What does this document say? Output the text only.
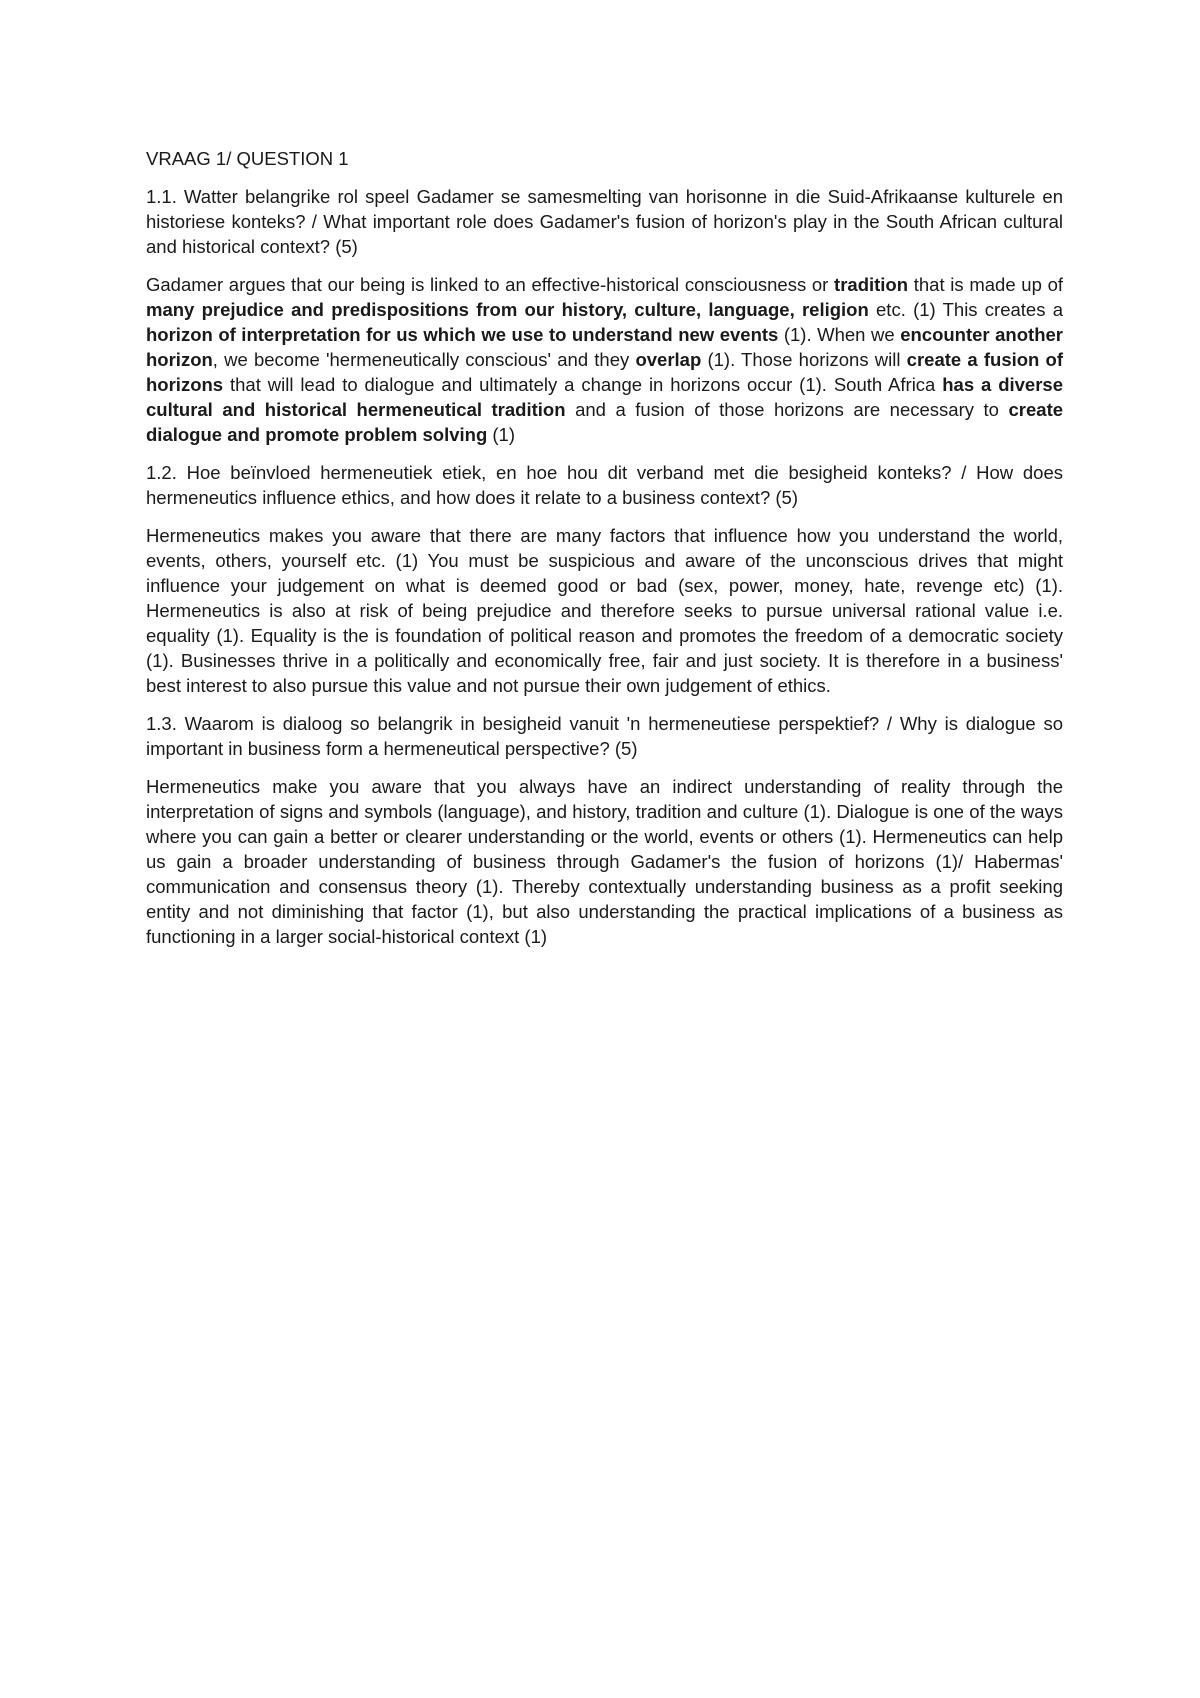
VRAAG 1/ QUESTION 1

1.1. Watter belangrike rol speel Gadamer se samesmelting van horisonne in die Suid-Afrikaanse kulturele en historiese konteks? / What important role does Gadamer's fusion of horizon's play in the South African cultural and historical context? (5)

Gadamer argues that our being is linked to an effective-historical consciousness or tradition that is made up of many prejudice and predispositions from our history, culture, language, religion etc. (1) This creates a horizon of interpretation for us which we use to understand new events (1). When we encounter another horizon, we become 'hermeneutically conscious' and they overlap (1). Those horizons will create a fusion of horizons that will lead to dialogue and ultimately a change in horizons occur (1). South Africa has a diverse cultural and historical hermeneutical tradition and a fusion of those horizons are necessary to create dialogue and promote problem solving (1)

1.2. Hoe beïnvloed hermeneutiek etiek, en hoe hou dit verband met die besigheid konteks? / How does hermeneutics influence ethics, and how does it relate to a business context? (5)

Hermeneutics makes you aware that there are many factors that influence how you understand the world, events, others, yourself etc. (1) You must be suspicious and aware of the unconscious drives that might influence your judgement on what is deemed good or bad (sex, power, money, hate, revenge etc) (1). Hermeneutics is also at risk of being prejudice and therefore seeks to pursue universal rational value i.e. equality (1). Equality is the is foundation of political reason and promotes the freedom of a democratic society (1). Businesses thrive in a politically and economically free, fair and just society. It is therefore in a business' best interest to also pursue this value and not pursue their own judgement of ethics.

1.3. Waarom is dialoog so belangrik in besigheid vanuit 'n hermeneutiese perspektief? / Why is dialogue so important in business form a hermeneutical perspective? (5)

Hermeneutics make you aware that you always have an indirect understanding of reality through the interpretation of signs and symbols (language), and history, tradition and culture (1). Dialogue is one of the ways where you can gain a better or clearer understanding or the world, events or others (1). Hermeneutics can help us gain a broader understanding of business through Gadamer's the fusion of horizons (1)/ Habermas' communication and consensus theory (1). Thereby contextually understanding business as a profit seeking entity and not diminishing that factor (1), but also understanding the practical implications of a business as functioning in a larger social-historical context (1)
